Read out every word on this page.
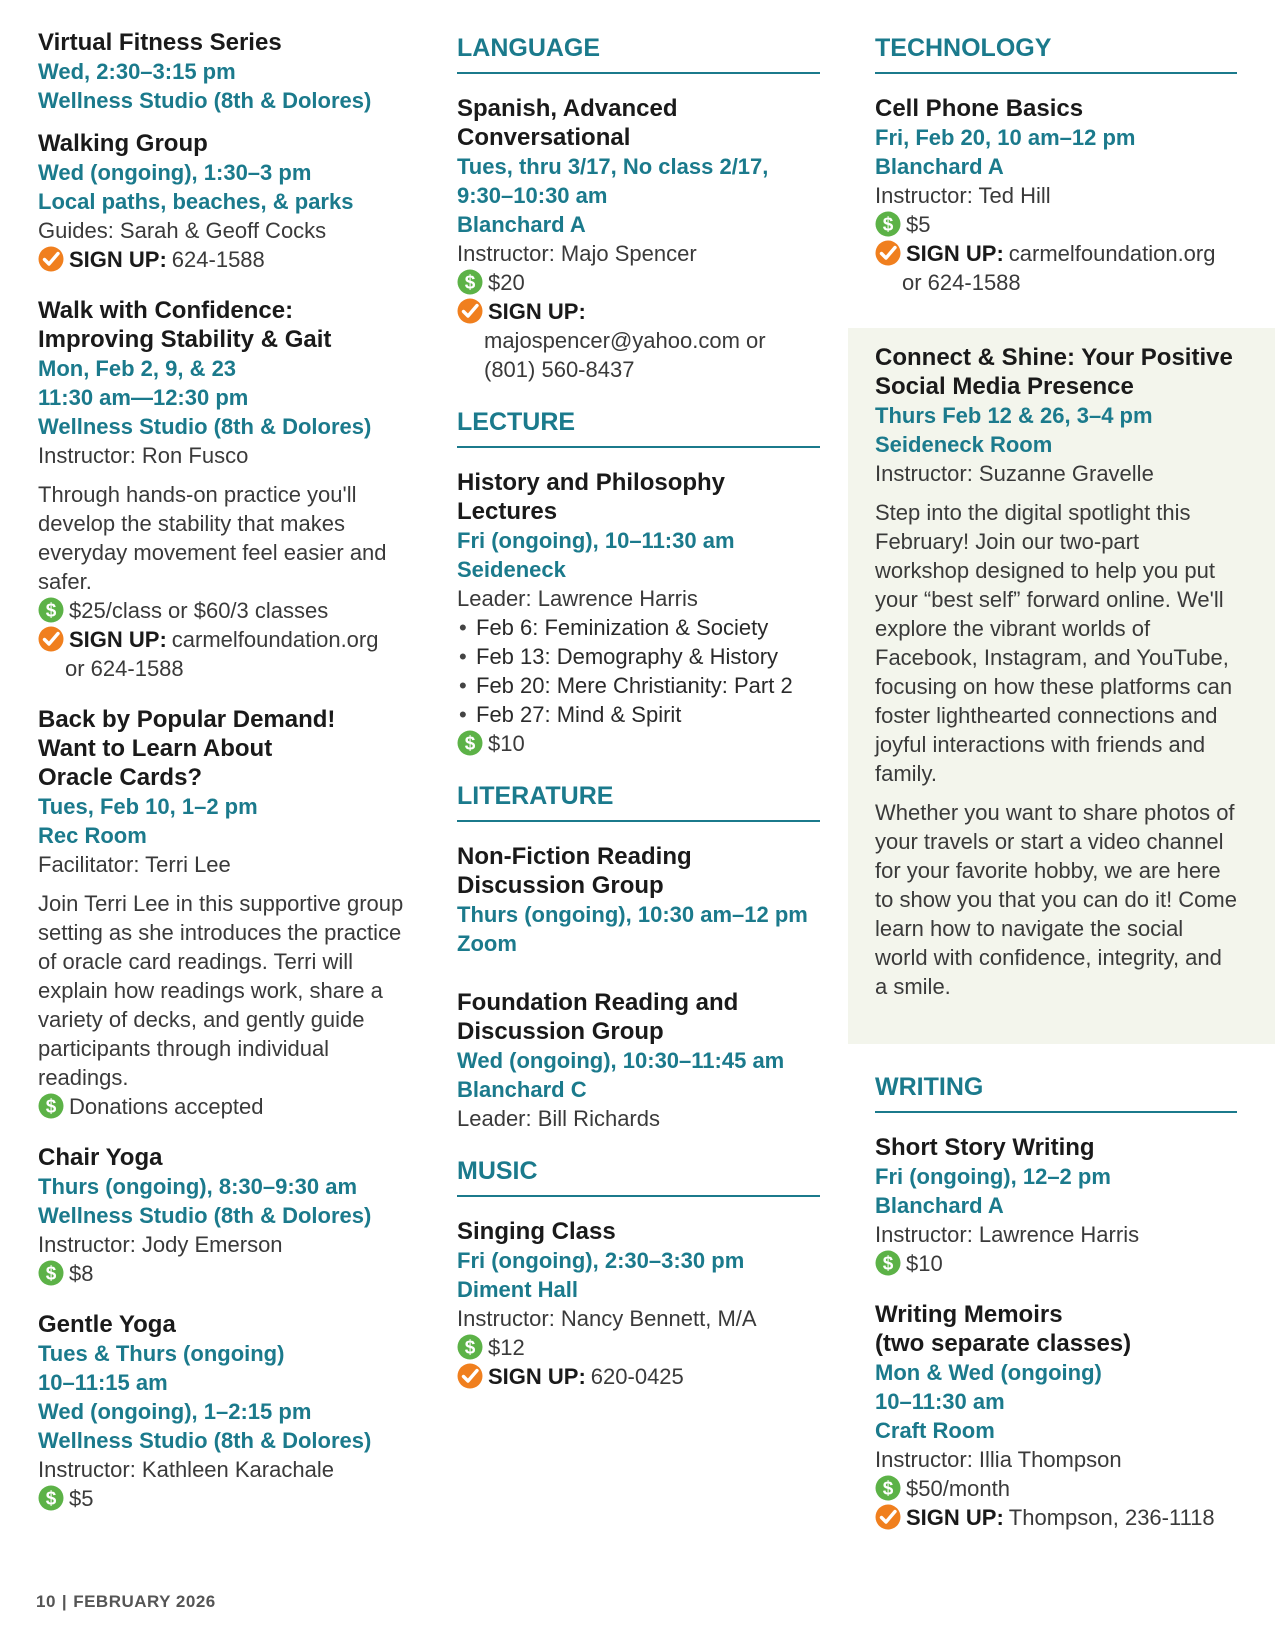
Virtual Fitness Series
Wed, 2:30–3:15 pm
Wellness Studio (8th & Dolores)
Walking Group
Wed (ongoing), 1:30–3 pm
Local paths, beaches, & parks
Guides: Sarah & Geoff Cocks
SIGN UP: 624-1588
Walk with Confidence:
Improving Stability & Gait
Mon, Feb 2, 9, & 23
11:30 am—12:30 pm
Wellness Studio (8th & Dolores)
Instructor: Ron Fusco
Through hands-on practice you'll develop the stability that makes everyday movement feel easier and safer.
$25/class or $60/3 classes
SIGN UP: carmelfoundation.org
or 624-1588
Back by Popular Demand!
Want to Learn About
Oracle Cards?
Tues, Feb 10, 1–2 pm
Rec Room
Facilitator: Terri Lee
Join Terri Lee in this supportive group setting as she introduces the practice of oracle card readings. Terri will explain how readings work, share a variety of decks, and gently guide participants through individual readings.
Donations accepted
Chair Yoga
Thurs (ongoing), 8:30–9:30 am
Wellness Studio (8th & Dolores)
Instructor: Jody Emerson
$8
Gentle Yoga
Tues & Thurs (ongoing)
10–11:15 am
Wed (ongoing), 1–2:15 pm
Wellness Studio (8th & Dolores)
Instructor: Kathleen Karachale
$5
LANGUAGE
Spanish, Advanced
Conversational
Tues, thru 3/17, No class 2/17,
9:30–10:30 am
Blanchard A
Instructor: Majo Spencer
$20
SIGN UP:
majospencer@yahoo.com or
(801) 560-8437
LECTURE
History and Philosophy
Lectures
Fri (ongoing), 10–11:30 am
Seideneck
Leader: Lawrence Harris
• Feb 6: Feminization & Society
• Feb 13: Demography & History
• Feb 20: Mere Christianity: Part 2
• Feb 27: Mind & Spirit
$10
LITERATURE
Non-Fiction Reading
Discussion Group
Thurs (ongoing), 10:30 am–12 pm
Zoom
Foundation Reading and
Discussion Group
Wed (ongoing), 10:30–11:45 am
Blanchard C
Leader: Bill Richards
MUSIC
Singing Class
Fri (ongoing), 2:30–3:30 pm
Diment Hall
Instructor: Nancy Bennett, M/A
$12
SIGN UP: 620-0425
TECHNOLOGY
Cell Phone Basics
Fri, Feb 20, 10 am–12 pm
Blanchard A
Instructor: Ted Hill
$5
SIGN UP: carmelfoundation.org
or 624-1588
Connect & Shine: Your Positive
Social Media Presence
Thurs Feb 12 & 26, 3–4 pm
Seideneck Room
Instructor: Suzanne Gravelle
Step into the digital spotlight this February! Join our two-part workshop designed to help you put your “best self” forward online. We'll explore the vibrant worlds of Facebook, Instagram, and YouTube, focusing on how these platforms can foster lighthearted connections and joyful interactions with friends and family.
Whether you want to share photos of your travels or start a video channel for your favorite hobby, we are here to show you that you can do it! Come learn how to navigate the social world with confidence, integrity, and a smile.
WRITING
Short Story Writing
Fri (ongoing), 12–2 pm
Blanchard A
Instructor: Lawrence Harris
$10
Writing Memoirs
(two separate classes)
Mon & Wed (ongoing)
10–11:30 am
Craft Room
Instructor: Illia Thompson
$50/month
SIGN UP: Thompson, 236-1118
10 | FEBRUARY 2026
